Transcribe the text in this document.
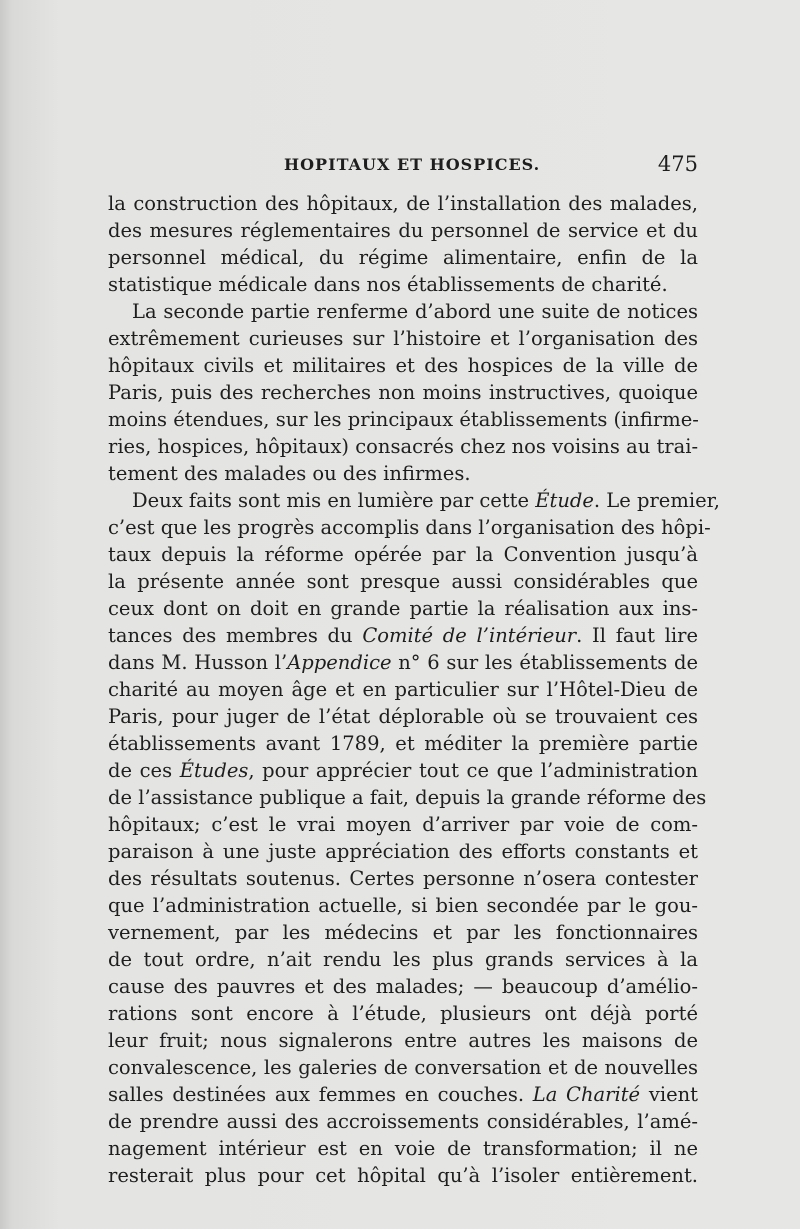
HOPITAUX ET HOSPICES.	475
la construction des hôpitaux, de l’installation des malades,
des mesures réglementaires du personnel de service et du
personnel médical, du régime alimentaire, enfin de la
statistique médicale dans nos établissements de charité.
La seconde partie renferme d’abord une suite de notices
extrêmement curieuses sur l’histoire et l’organisation des
hôpitaux civils et militaires et des hospices de la ville de
Paris, puis des recherches non moins instructives, quoique
moins étendues, sur les principaux établissements (infirme-
ries, hospices, hôpitaux) consacrés chez nos voisins au trai-
tement des malades ou des infirmes.
Deux faits sont mis en lumière par cette Étude. Le premier,
c’est que les progrès accomplis dans l’organisation des hôpi-
taux depuis la réforme opérée par la Convention jusqu’à
la présente année sont presque aussi considérables que
ceux dont on doit en grande partie la réalisation aux ins-
tances des membres du Comité de l’intérieur. Il faut lire
dans M. Husson l’Appendice n° 6 sur les établissements de
charité au moyen âge et en particulier sur l’Hôtel-Dieu de
Paris, pour juger de l’état déplorable où se trouvaient ces
établissements avant 1789, et méditer la première partie
de ces Études, pour apprécier tout ce que l’administration
de l’assistance publique a fait, depuis la grande réforme des
hôpitaux; c’est le vrai moyen d’arriver par voie de com-
paraison à une juste appréciation des efforts constants et
des résultats soutenus. Certes personne n’osera contester
que l’administration actuelle, si bien secondée par le gou-
vernement, par les médecins et par les fonctionnaires
de tout ordre, n’ait rendu les plus grands services à la
cause des pauvres et des malades; — beaucoup d’amélio-
rations sont encore à l’étude, plusieurs ont déjà porté
leur fruit; nous signalerons entre autres les maisons de
convalescence, les galeries de conversation et de nouvelles
salles destinées aux femmes en couches. La Charité vient
de prendre aussi des accroissements considérables, l’amé-
nagement intérieur est en voie de transformation; il ne
resterait plus pour cet hôpital qu’à l’isoler entièrement.
